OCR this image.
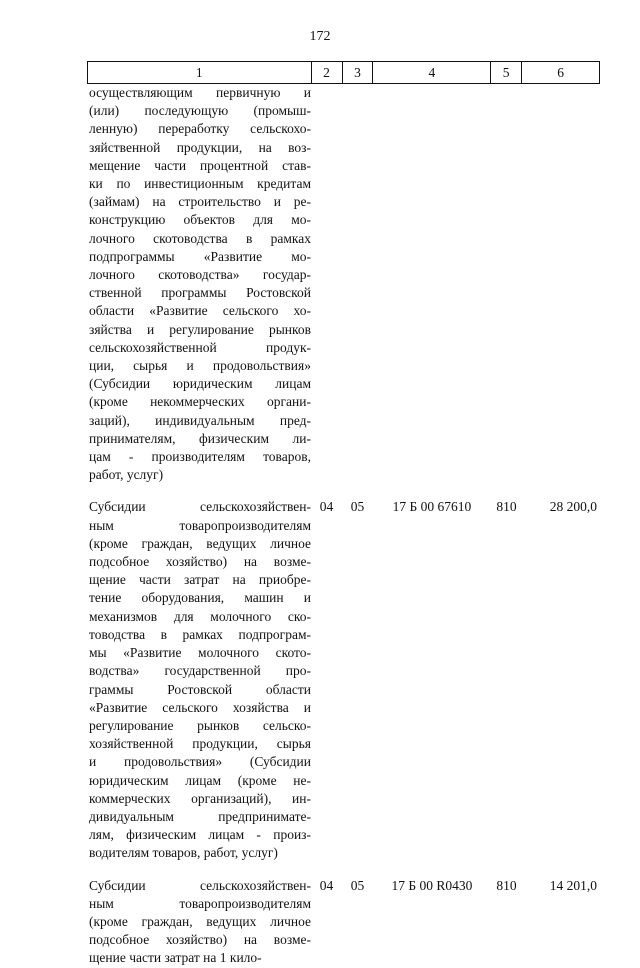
172
1	2	3	4	5	6
осуществляющим первичную и
(или) последующую (промыш-
ленную) переработку сельскохо-
зяйственной продукции, на воз-
мещение части процентной став-
ки по инвестиционным кредитам
(займам) на строительство и ре-
конструкцию объектов для мо-
лочного скотоводства в рамках
подпрограммы «Развитие мо-
лочного скотоводства» государ-
ственной программы Ростовской
области «Развитие сельского хо-
зяйства и регулирование рынков
сельскохозяйственной продук-
ции, сырья и продовольствия»
(Субсидии юридическим лицам
(кроме некоммерческих органи-
заций), индивидуальным пред-
принимателям, физическим ли-
цам - производителям товаров,
работ, услуг)
Субсидии сельскохозяйствен-
ным товаропроизводителям
(кроме граждан, ведущих личное
подсобное хозяйство) на возме-
щение части затрат на приобре-
тение оборудования, машин и
механизмов для молочного ско-
товодства в рамках подпрограм-
мы «Развитие молочного ското-
водства» государственной про-
граммы Ростовской области
«Развитие сельского хозяйства и
регулирование рынков сельско-
хозяйственной продукции, сырья
и продовольствия» (Субсидии
юридическим лицам (кроме не-
коммерческих организаций), ин-
дивидуальным предпринимате-
лям, физическим лицам - произ-
водителям товаров, работ, услуг)
04	05	17 Б 00 67610	810	28 200,0
Субсидии сельскохозяйствен-
ным товаропроизводителям
(кроме граждан, ведущих личное
подсобное хозяйство) на возме-
щение части затрат на 1 кило-
04	05	17 Б 00 R0430	810	14 201,0
